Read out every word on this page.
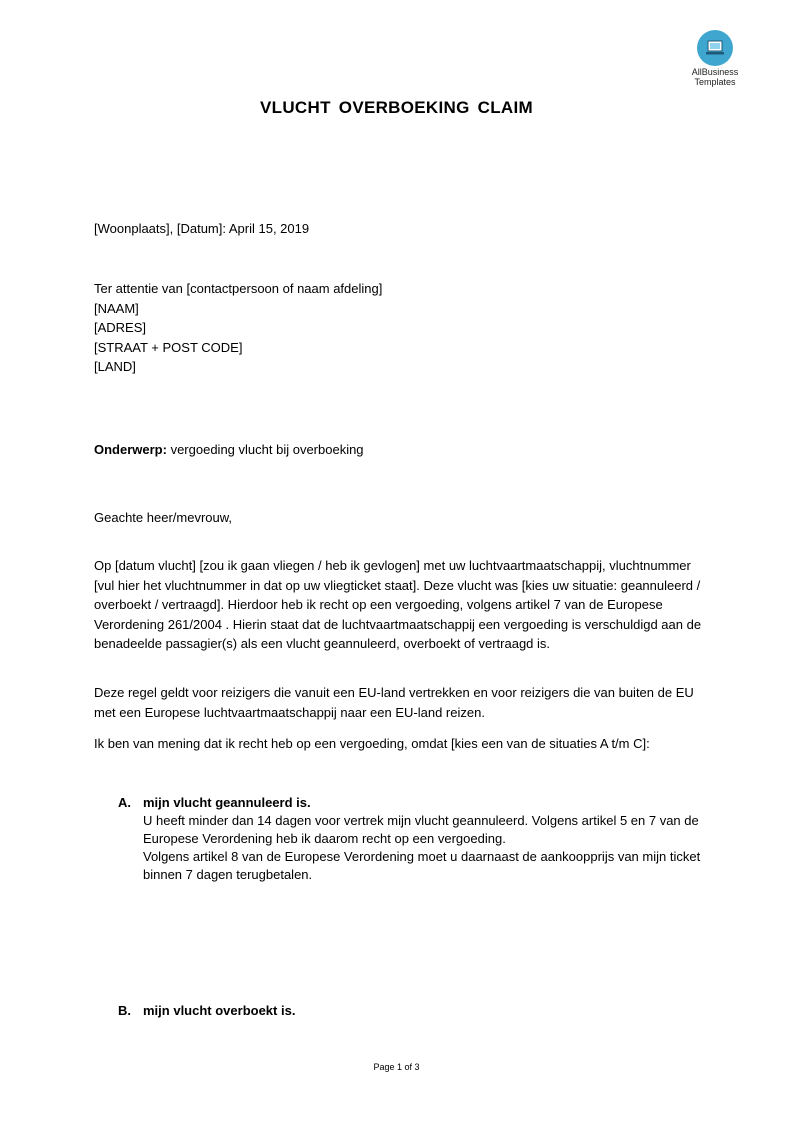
AllBusiness
Templates
VLUCHT OVERBOEKING CLAIM
[Woonplaats], [Datum]: April 15, 2019
Ter attentie van [contactpersoon of naam afdeling]
[NAAM]
[ADRES]
[STRAAT + POST CODE]
[LAND]
Onderwerp: vergoeding vlucht bij overboeking
Geachte heer/mevrouw,

Op [datum vlucht] [zou ik gaan vliegen / heb ik gevlogen] met uw luchtvaartmaatschappij, vluchtnummer [vul hier het vluchtnummer in dat op uw vliegticket staat]. Deze vlucht was [kies uw situatie: geannuleerd / overboekt / vertraagd]. Hierdoor heb ik recht op een vergoeding, volgens artikel 7 van de Europese Verordening 261/2004 . Hierin staat dat de luchtvaartmaatschappij een vergoeding is verschuldigd aan de benadeelde passagier(s) als een vlucht geannuleerd, overboekt of vertraagd is.

Deze regel geldt voor reizigers die vanuit een EU-land vertrekken en voor reizigers die van buiten de EU met een Europese luchtvaartmaatschappij naar een EU-land reizen.

Ik ben van mening dat ik recht heb op een vergoeding, omdat [kies een van de situaties A t/m C]:

A. mijn vlucht geannuleerd is.
U heeft minder dan 14 dagen voor vertrek mijn vlucht geannuleerd. Volgens artikel 5 en 7 van de Europese Verordening heb ik daarom recht op een vergoeding.
Volgens artikel 8 van de Europese Verordening moet u daarnaast de aankoopprijs van mijn ticket binnen 7 dagen terugbetalen.
B. mijn vlucht overboekt is.
Page 1 of 3
